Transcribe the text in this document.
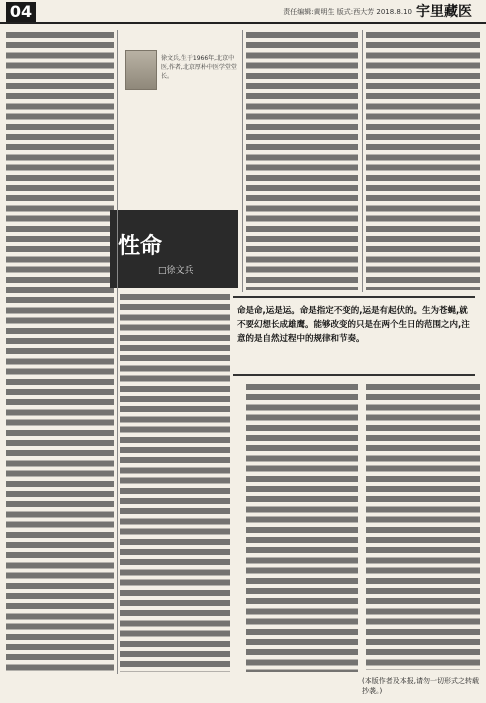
04	责任编辑:黄明生 版式:西大芳 2018.8.10 宇里藏医
徐文兵,生于1966年,北京中医,作者,北京厚朴中医学堂堂长。
性命
□徐文兵
命是命,运是运。命是指定不变的,运是有起伏的。生为苍蝇,就不要幻想长成雄鹰。能够改变的只是在两个生日的范围之内,注意的是自然过程中的规律和节奏。
(本版作者及本报,请勿一切形式之转载抄袭。)
